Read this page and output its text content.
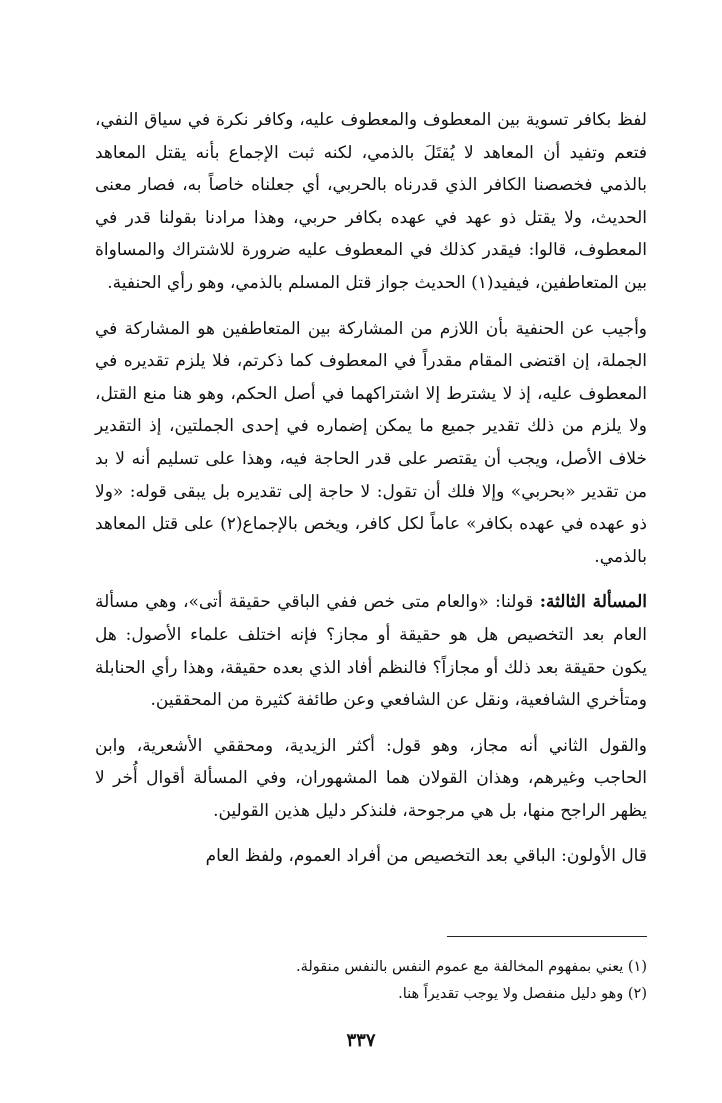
لفظ بكافر تسوية بين المعطوف والمعطوف عليه، وكافر نكرة في سياق النفي، فتعم وتفيد أن المعاهد لا يُقتَلَ بالذمي، لكنه ثبت الإجماع بأنه يقتل المعاهد بالذمي فخصصنا الكافر الذي قدرناه بالحربي، أي جعلناه خاصاً به، فصار معنى الحديث، ولا يقتل ذو عهد في عهده بكافر حربي، وهذا مرادنا بقولنا قدر في المعطوف، قالوا: فيقدر كذلك في المعطوف عليه ضرورة للاشتراك والمساواة بين المتعاطفين، فيفيد(١) الحديث جواز قتل المسلم بالذمي، وهو رأي الحنفية.

وأجيب عن الحنفية بأن اللازم من المشاركة بين المتعاطفين هو المشاركة في الجملة، إن اقتضى المقام مقدراً في المعطوف كما ذكرتم، فلا يلزم تقديره في المعطوف عليه، إذ لا يشترط إلا اشتراكهما في أصل الحكم، وهو هنا منع القتل، ولا يلزم من ذلك تقدير جميع ما يمكن إضماره في إحدى الجملتين، إذ التقدير خلاف الأصل، ويجب أن يقتصر على قدر الحاجة فيه، وهذا على تسليم أنه لا بد من تقدير «بحربي» وإلا فلك أن تقول: لا حاجة إلى تقديره بل يبقى قوله: «ولا ذو عهده في عهده بكافر» عاماً لكل كافر، ويخص بالإجماع(٢) على قتل المعاهد بالذمي.

المسألة الثالثة: قولنا: «والعام متى خص ففي الباقي حقيقة أتى»، وهي مسألة العام بعد التخصيص هل هو حقيقة أو مجاز؟ فإنه اختلف علماء الأصول: هل يكون حقيقة بعد ذلك أو مجازاً؟ فالنظم أفاد الذي بعده حقيقة، وهذا رأي الحنابلة ومتأخري الشافعية، ونقل عن الشافعي وعن طائفة كثيرة من المحققين.

والقول الثاني أنه مجاز، وهو قول: أكثر الزيدية، ومحققي الأشعرية، وابن الحاجب وغيرهم، وهذان القولان هما المشهوران، وفي المسألة أقوال أُخر لا يظهر الراجح منها، بل هي مرجوحة، فلنذكر دليل هذين القولين.

قال الأولون: الباقي بعد التخصيص من أفراد العموم، ولفظ العام

(١) يعني بمفهوم المخالفة مع عموم النفس بالنفس منقولة.

(٢) وهو دليل منفصل ولا يوجب تقديراً هنا.

٣٣٧
